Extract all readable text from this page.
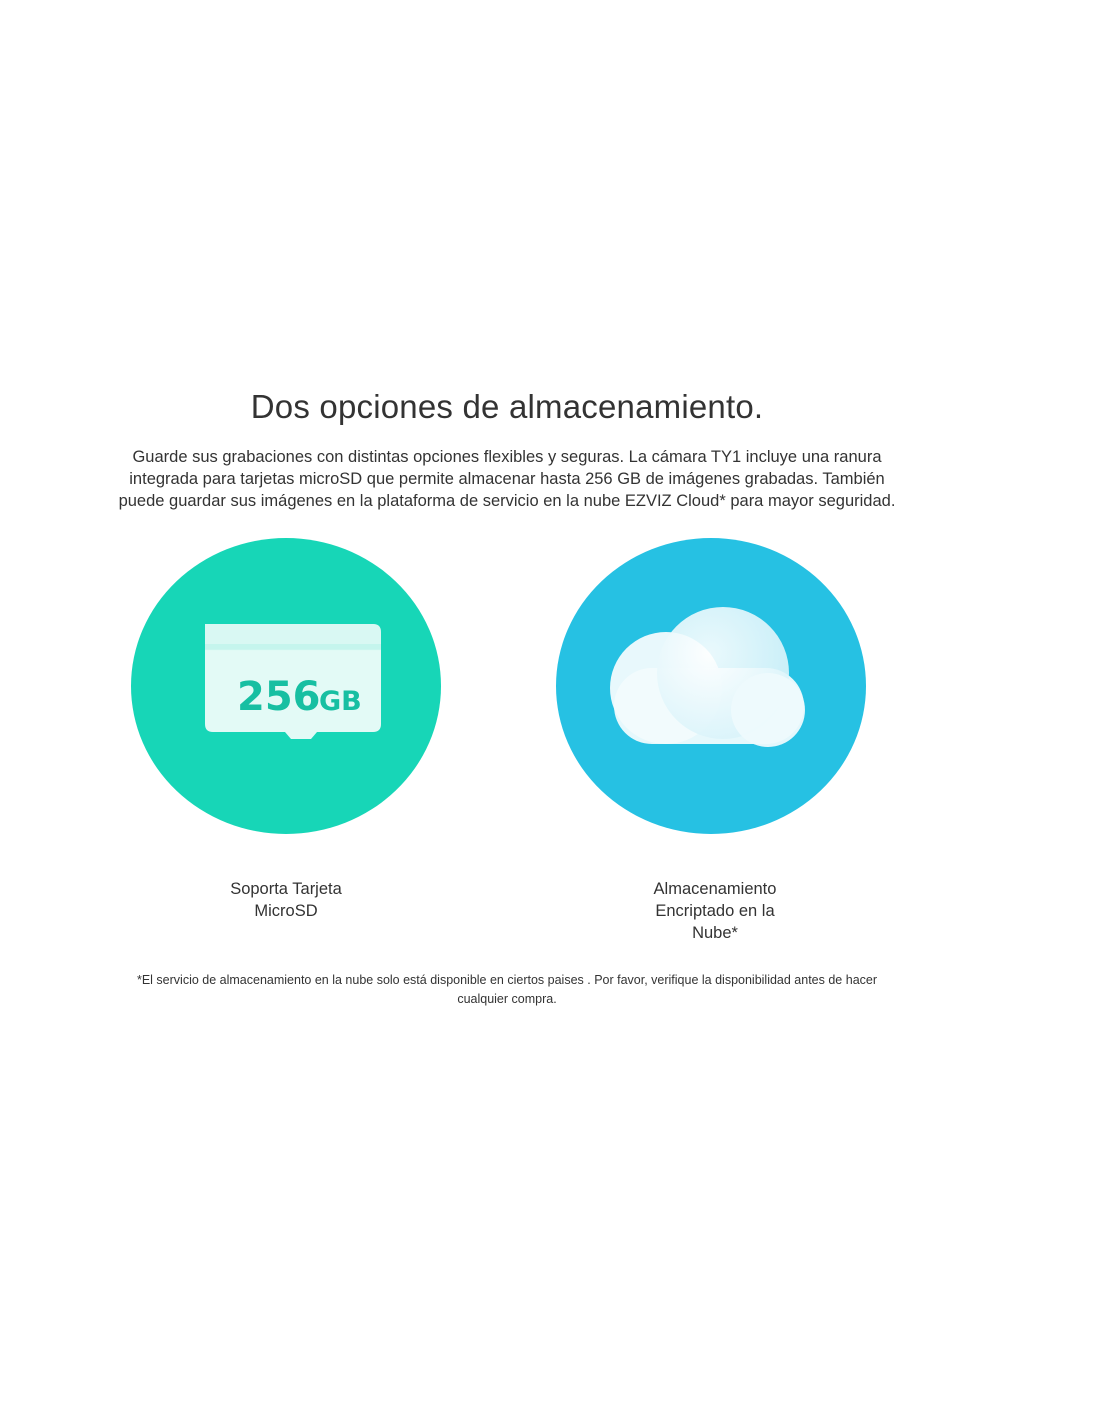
Dos opciones de almacenamiento.

Guarde sus grabaciones con distintas opciones flexibles y seguras. La cámara TY1 incluye una ranura integrada para tarjetas microSD que permite almacenar hasta 256 GB de imágenes grabadas. También puede guardar sus imágenes en la plataforma de servicio en la nube EZVIZ Cloud* para mayor seguridad.

256
GB

Soporta Tarjeta MicroSD

Almacenamiento Encriptado en la Nube*

*El servicio de almacenamiento en la nube solo está disponible en ciertos paises . Por favor, verifique la disponibilidad antes de hacer cualquier compra.
